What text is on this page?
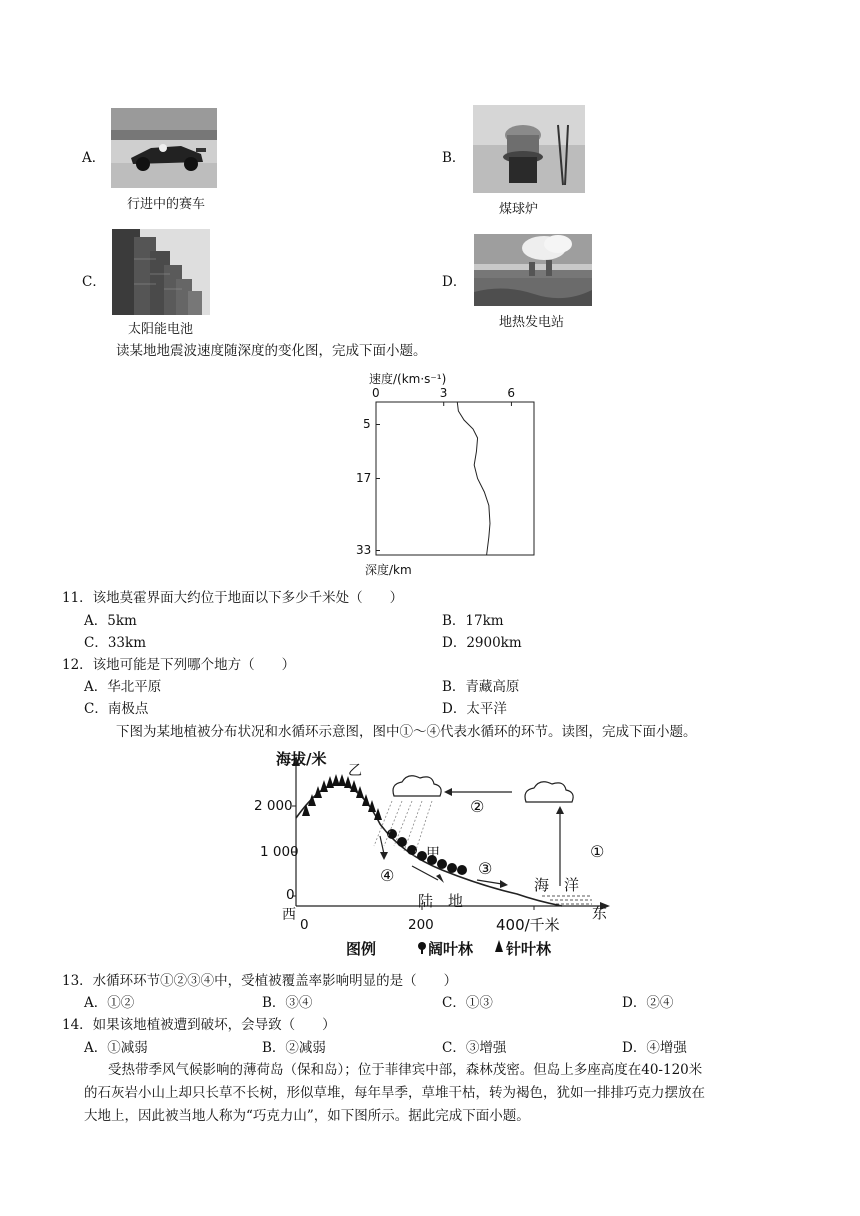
A．
行进中的赛车
B．
煤球炉
C．
太阳能电池
D．
地热发电站
读某地地震波速度随深度的变化图，完成下面小题。
速度/(km·s⁻¹)
深度/km
0	3	6
5
17
33
11．该地莫霍界面大约位于地面以下多少千米处（　　）
A．5km	B．17km
C．33km	D．2900km
12．该地可能是下列哪个地方（　　）
A．华北平原	B．青藏高原
C．南极点	D．太平洋
下图为某地植被分布状况和水循环示意图，图中①～④代表水循环的环节。读图，完成下面小题。
海拔/米
2 000
1 000
0
西
0	200	400/千米
东
乙
甲
陆　地
海　洋
②
①
③
④
图例	阔叶林 针叶林
13．水循环环节①②③④中，受植被覆盖率影响明显的是（　　）
A．①②	B．③④	C．①③	D．②④
14．如果该地植被遭到破坏，会导致（　　）
A．①减弱	B．②减弱	C．③增强	D．④增强
受热带季风气候影响的薄荷岛（保和岛）；位于菲律宾中部，森林茂密。但岛上多座高度在40-120米
的石灰岩小山上却只长草不长树，形似草堆，每年旱季，草堆干枯，转为褐色，犹如一排排巧克力摆放在
大地上，因此被当地人称为“巧克力山”，如下图所示。据此完成下面小题。
